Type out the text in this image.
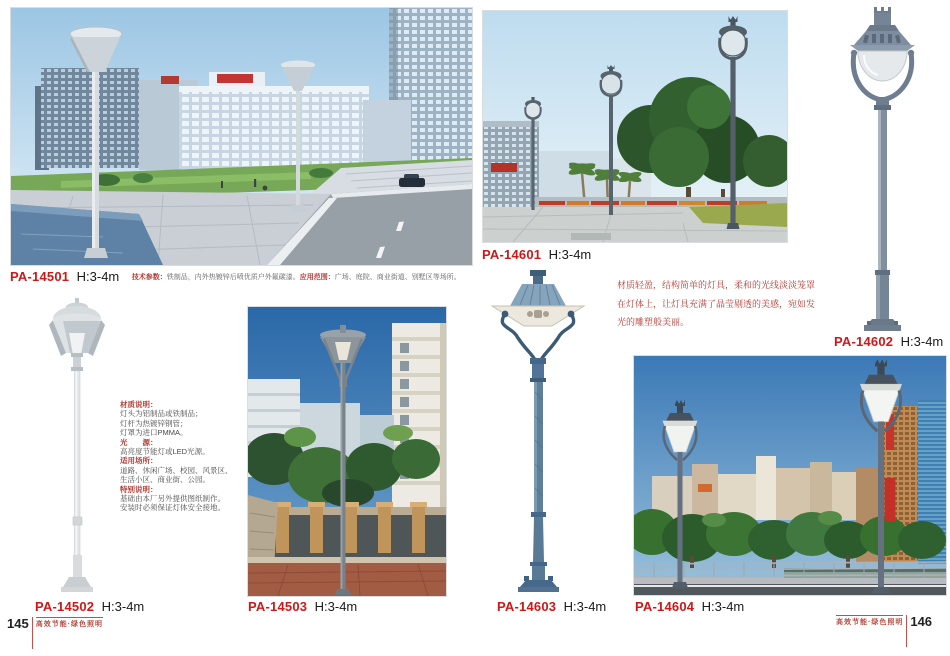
PA-14501 H:3-4m 技术参数：铁制品，内外热镀锌后喷优质户外氟碳漆。应用范围：广场、庭院、商业街道、别墅区等场所。
PA-14601 H:3-4m
PA-14602 H:3-4m
PA-14502 H:3-4m
材质说明：
灯头为铝制品或铁制品；
灯杆为热镀锌钢管；
灯罩为进口PMMA。
光　　源：
高亮度节能灯或LED光源。
适用场所：
道路、休闲广场、校园、风景区、
生活小区、商业街、公园。
特别说明：
基础由本厂另外提供图纸制作。
安装时必须保证灯体安全接地。
PA-14503 H:3-4m	PA-14603 H:3-4m
材质轻盈，结构简单的灯具，柔和的光线淡淡笼罩
在灯体上，让灯具充满了晶莹剔透的美感，宛如发
光的雕塑般美丽。
PA-14604 H:3-4m
145 高效节能·绿色照明	高效节能·绿色照明 146
